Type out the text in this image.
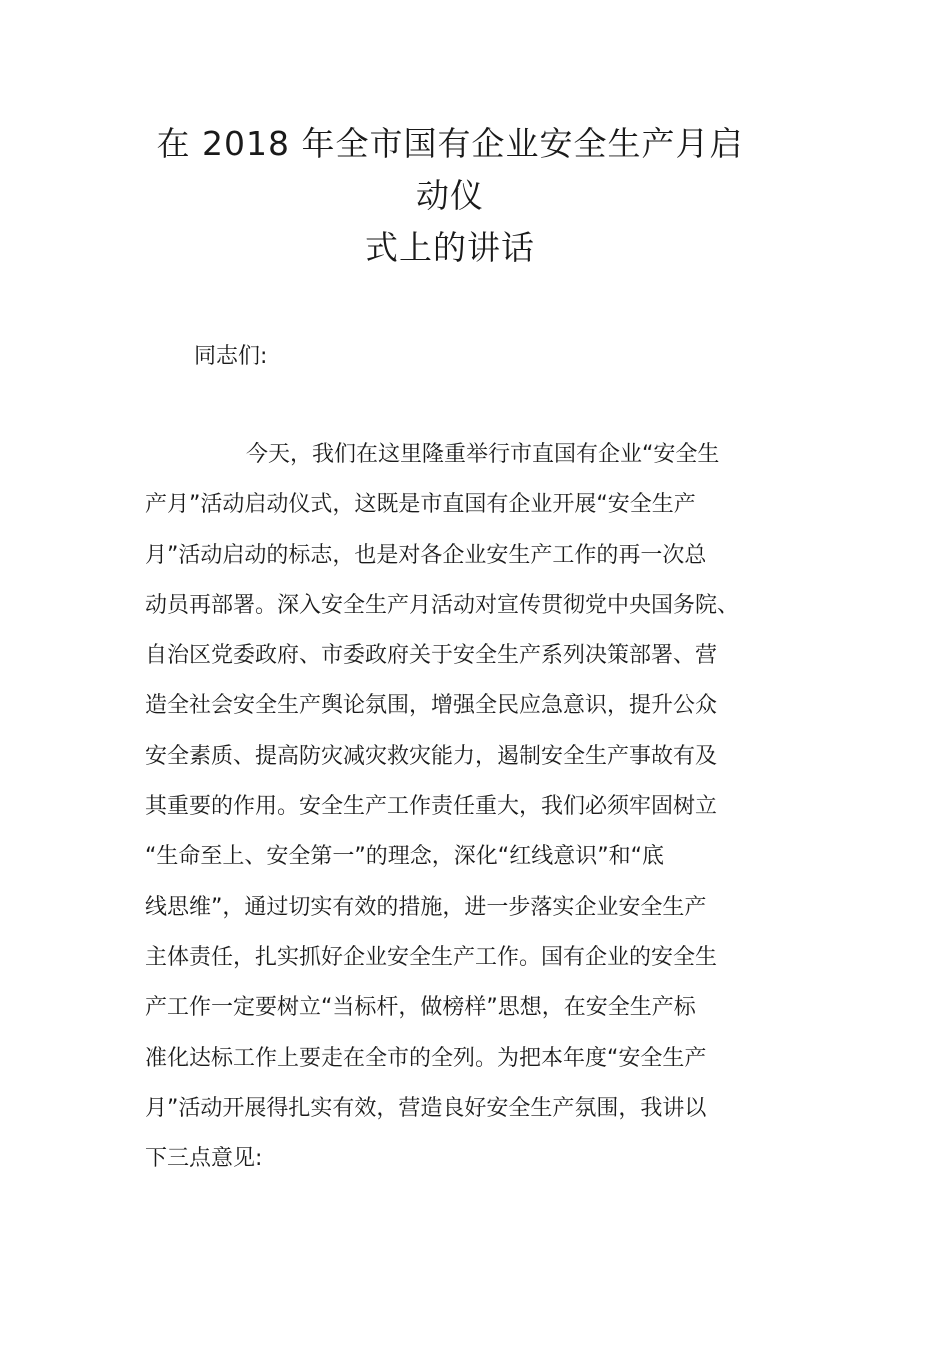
在 2018 年全市国有企业安全生产月启动仪
式上的讲话

同志们:

今天，我们在这里隆重举行市直国有企业“安全生
产月”活动启动仪式，这既是市直国有企业开展“安全生产
月”活动启动的标志，也是对各企业安生产工作的再一次总
动员再部署。深入安全生产月活动对宣传贯彻党中央国务院、
自治区党委政府、市委政府关于安全生产系列决策部署、营
造全社会安全生产舆论氛围，增强全民应急意识，提升公众
安全素质、提高防灾减灾救灾能力，遏制安全生产事故有及
其重要的作用。安全生产工作责任重大，我们必须牢固树立
“生命至上、安全第一”的理念，深化“红线意识”和“底
线思维”，通过切实有效的措施，进一步落实企业安全生产
主体责任，扎实抓好企业安全生产工作。国有企业的安全生
产工作一定要树立“当标杆，做榜样”思想，在安全生产标
准化达标工作上要走在全市的全列。为把本年度“安全生产
月”活动开展得扎实有效，营造良好安全生产氛围，我讲以
下三点意见:
